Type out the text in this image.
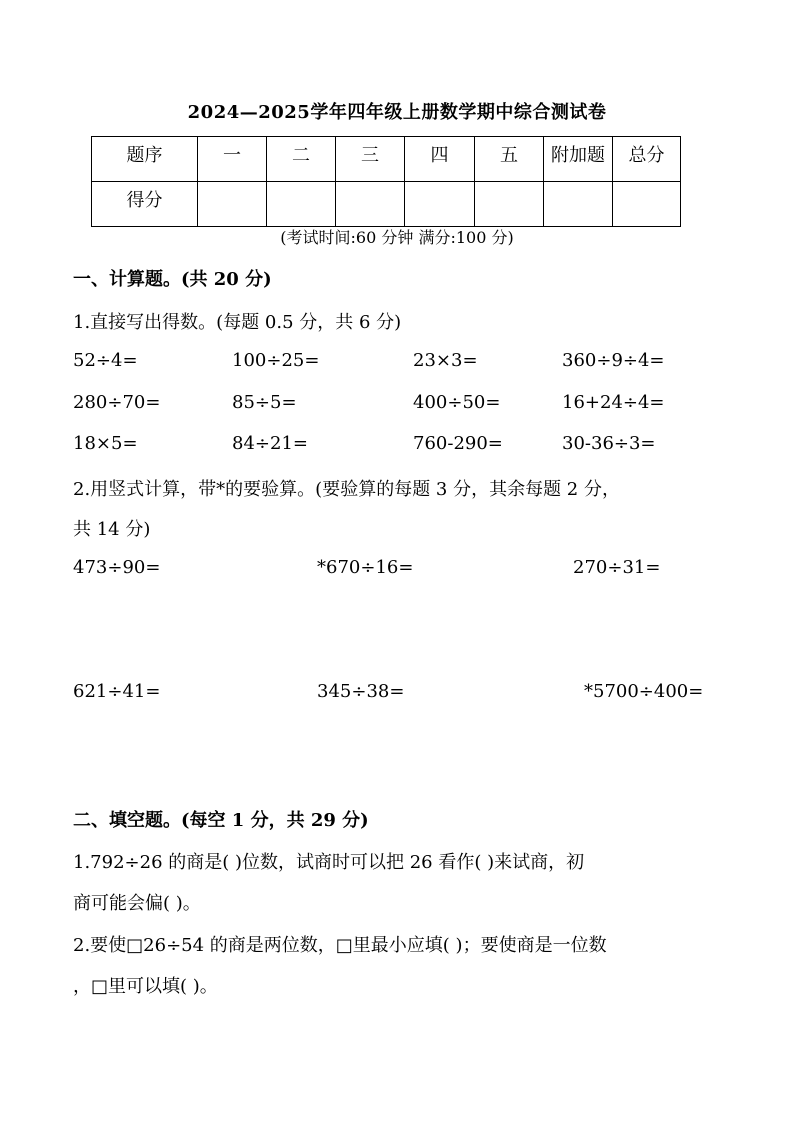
2024—2025学年四年级上册数学期中综合测试卷
题序	一	二	三	四	五	附加题	总分
得分							
(考试时间:60 分钟 满分:100 分)
一、计算题。(共 20 分)
1.直接写出得数。(每题 0.5 分，共 6 分)
52÷4=	100÷25=	23×3=	360÷9÷4=
280÷70=	85÷5=	400÷50=	16+24÷4=
18×5=	84÷21=	760-290=	30-36÷3=
2.用竖式计算，带*的要验算。(要验算的每题 3 分，其余每题 2 分，
共 14 分)
473÷90=	*670÷16=	270÷31=
621÷41=	345÷38=	*5700÷400=
二、填空题。(每空 1 分，共 29 分)
1.792÷26 的商是( )位数，试商时可以把 26 看作( )来试商，初
商可能会偏( )。
2.要使□26÷54 的商是两位数，□里最小应填( )；要使商是一位数
，□里可以填( )。
